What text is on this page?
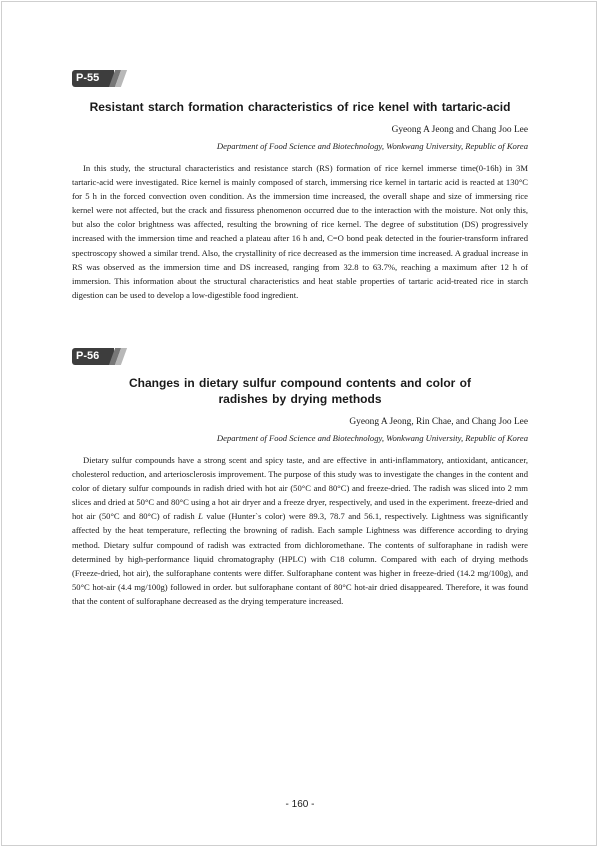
P-55

Resistant starch formation characteristics of rice kenel with tartaric-acid

Gyeong A Jeong and Chang Joo Lee

Department of Food Science and Biotechnology, Wonkwang University, Republic of Korea

In this study, the structural characteristics and resistance starch (RS) formation of rice kernel immerse time(0-16h) in 3M tartaric-acid were investigated. Rice kernel is mainly composed of starch, immersing rice kernel in tartaric acid is reacted at 130°C for 5 h in the forced convection oven condition. As the immersion time increased, the overall shape and size of immersing rice kernel were not affected, but the crack and fissuress phenomenon occurred due to the interaction with the moisture. Not only this, but also the color brightness was affected, resulting the browning of rice kernel. The degree of substitution (DS) progressively increased with the immersion time and reached a plateau after 16 h and, C=O bond peak detected in the fourier-transform infrared spectroscopy showed a similar trend. Also, the crystallinity of rice decreased as the immersion time increased. A gradual increase in RS was observed as the immersion time and DS increased, ranging from 32.8 to 63.7%, reaching a maximum after 12 h of immersion. This information about the structural characteristics and heat stable properties of tartaric acid-treated rice in starch digestion can be used to develop a low-digestible food ingredient.

P-56

Changes in dietary sulfur compound contents and color of
radishes by drying methods

Gyeong A Jeong, Rin Chae, and Chang Joo Lee

Department of Food Science and Biotechnology, Wonkwang University, Republic of Korea

Dietary sulfur compounds have a strong scent and spicy taste, and are effective in anti-inflammatory, antioxidant, anticancer, cholesterol reduction, and arteriosclerosis improvement. The purpose of this study was to investigate the changes in the content and color of dietary sulfur compounds in radish dried with hot air (50°C and 80°C) and freeze-dried. The radish was sliced into 2 mm slices and dried at 50°C and 80°C using a hot air dryer and a freeze dryer, respectively, and used in the experiment. freeze-dried and hot air (50°C and 80°C) of radish L value (Hunter`s color) were 89.3, 78.7 and 56.1, respectively. Lightness was significantly affected by the heat temperature, reflecting the browning of radish. Each sample Lightness was difference according to drying method. Dietary sulfur compound of radish was extracted from dichloromethane. The contents of sulforaphane in radish were determined by high-performance liquid chromatography (HPLC) with C18 column. Compared with each of drying methods (Freeze-dried, hot air), the sulforaphane contents were differ. Sulforaphane content was higher in freeze-dried (14.2 mg/100g), and 50°C hot-air (4.4 mg/100g) followed in order. but sulforaphane contant of 80°C hot-air dried disappeared. Therefore, it was found that the content of sulforaphane decreased as the drying temperature increased.

- 160 -
